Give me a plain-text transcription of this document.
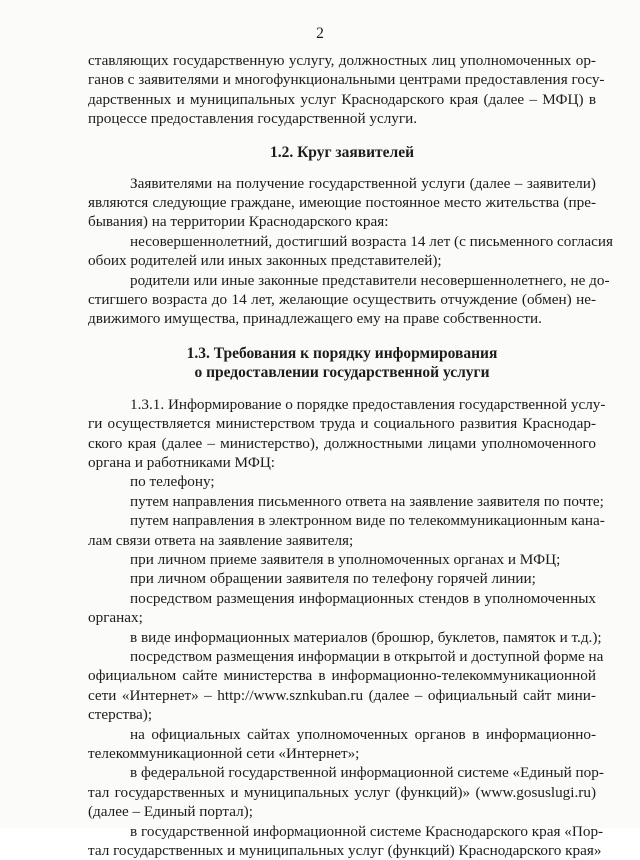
2
ставляющих государственную услугу, должностных лиц уполномоченных ор-
ганов с заявителями и многофункциональными центрами предоставления госу-
дарственных и муниципальных услуг Краснодарского края (далее – МФЦ) в
процессе предоставления государственной услуги.
1.2. Круг заявителей
Заявителями на получение государственной услуги (далее – заявители)
являются следующие граждане, имеющие постоянное место жительства (пре-
бывания) на территории Краснодарского края:
несовершеннолетний, достигший возраста 14 лет (с письменного согласия
обоих родителей или иных законных представителей);
родители или иные законные представители несовершеннолетнего, не до-
стигшего возраста до 14 лет, желающие осуществить отчуждение (обмен) не-
движимого имущества, принадлежащего ему на праве собственности.
1.3. Требования к порядку информирования
о предоставлении государственной услуги
1.3.1. Информирование о порядке предоставления государственной услу-
ги осуществляется министерством труда и социального развития Краснодар-
ского края (далее – министерство), должностными лицами уполномоченного
органа и работниками МФЦ:
по телефону;
путем направления письменного ответа на заявление заявителя по почте;
путем направления в электронном виде по телекоммуникационным кана-
лам связи ответа на заявление заявителя;
при личном приеме заявителя в уполномоченных органах и МФЦ;
при личном обращении заявителя по телефону горячей линии;
посредством размещения информационных стендов в уполномоченных
органах;
в виде информационных материалов (брошюр, буклетов, памяток и т.д.);
посредством размещения информации в открытой и доступной форме на
официальном сайте министерства в информационно-телекоммуникационной
сети «Интернет» – http://www.sznkuban.ru (далее – официальный сайт мини-
стерства);
на официальных сайтах уполномоченных органов в информационно-
телекоммуникационной сети «Интернет»;
в федеральной государственной информационной системе «Единый пор-
тал государственных и муниципальных услуг (функций)» (www.gosuslugi.ru)
(далее – Единый портал);
в государственной информационной системе Краснодарского края «Пор-
тал государственных и муниципальных услуг (функций) Краснодарского края»
